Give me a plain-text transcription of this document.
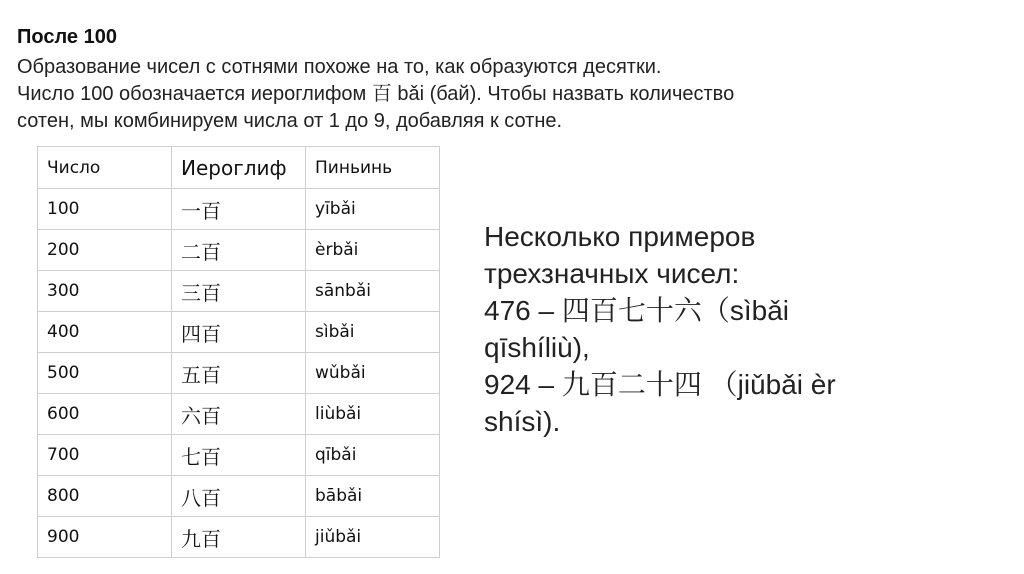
После 100
Образование чисел с сотнями похоже на то, как образуются десятки.
Число 100 обозначается иероглифом 百 bǎi (бай). Чтобы назвать количество
сотен, мы комбинируем числа от 1 до 9, добавляя к сотне.
Число	Иероглиф	Пиньинь
100	一百	yībǎi
200	二百	èrbǎi
300	三百	sānbǎi
400	四百	sìbǎi
500	五百	wǔbǎi
600	六百	liùbǎi
700	七百	qībǎi
800	八百	bābǎi
900	九百	jiǔbǎi
Несколько примеров
трехзначных чисел:
476 – 四百七十六（sìbǎi
qīshíliù),
924 – 九百二十四 （jiǔbǎi èr
shísì).
